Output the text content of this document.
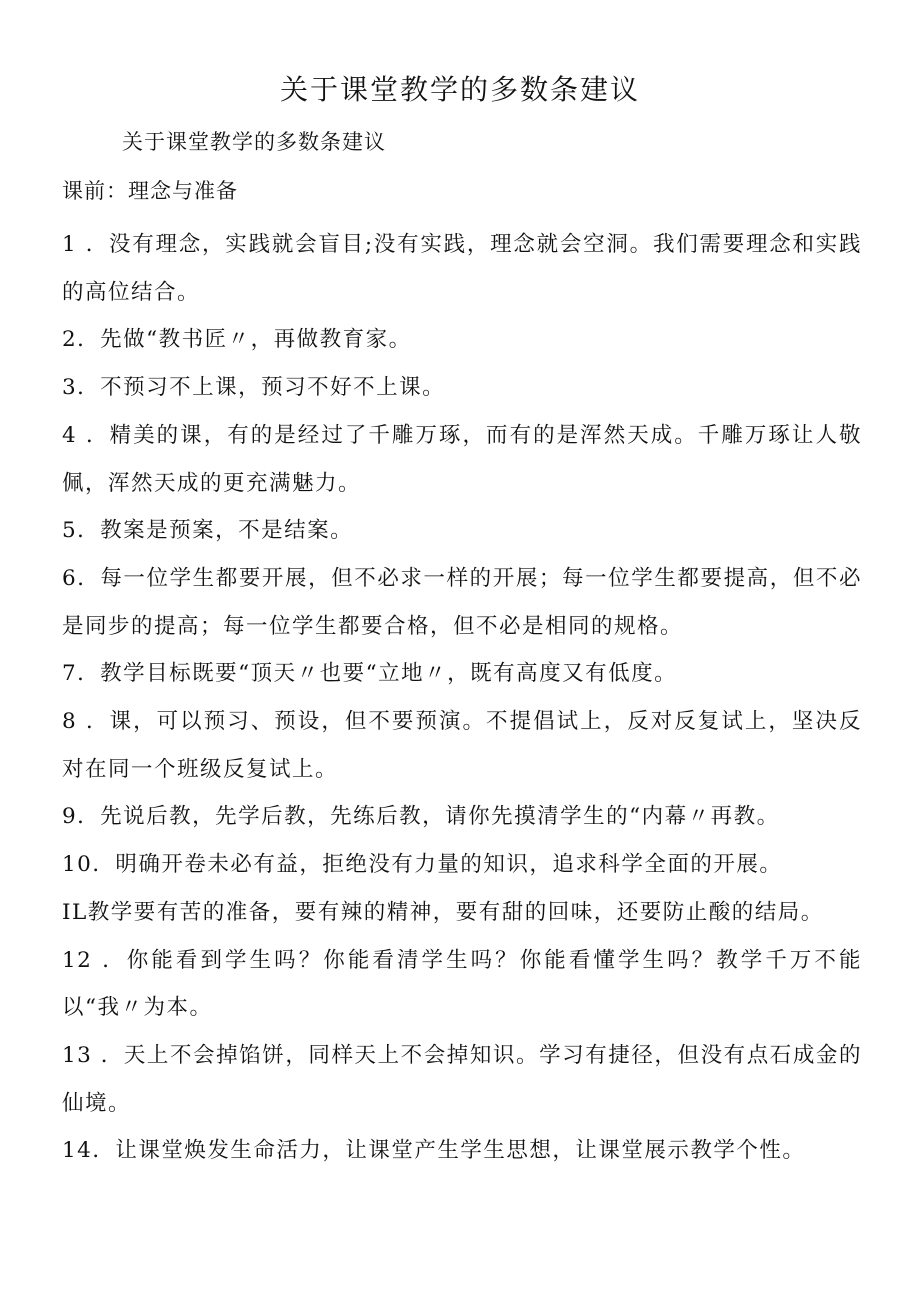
关于课堂教学的多数条建议

关于课堂教学的多数条建议

课前：理念与准备

1 ．没有理念，实践就会盲目;没有实践，理念就会空洞。我们需要理念和实践的高位结合。
2．先做“教书匠〃，再做教育家。
3．不预习不上课，预习不好不上课。
4 ．精美的课，有的是经过了千雕万琢，而有的是浑然天成。千雕万琢让人敬佩，浑然天成的更充满魅力。
5．教案是预案，不是结案。
6．每一位学生都要开展，但不必求一样的开展；每一位学生都要提高，但不必是同步的提高；每一位学生都要合格，但不必是相同的规格。
7．教学目标既要“顶天〃也要“立地〃，既有高度又有低度。
8 ．课，可以预习、预设，但不要预演。不提倡试上，反对反复试上，坚决反对在同一个班级反复试上。
9．先说后教，先学后教，先练后教，请你先摸清学生的“内幕〃再教。
10．明确开卷未必有益，拒绝没有力量的知识，追求科学全面的开展。
IL教学要有苦的准备，要有辣的精神，要有甜的回味，还要防止酸的结局。
12 ．你能看到学生吗？你能看清学生吗？你能看懂学生吗？教学千万不能以“我〃为本。
13 ．天上不会掉馅饼，同样天上不会掉知识。学习有捷径，但没有点石成金的仙境。
14．让课堂焕发生命活力，让课堂产生学生思想，让课堂展示教学个性。
